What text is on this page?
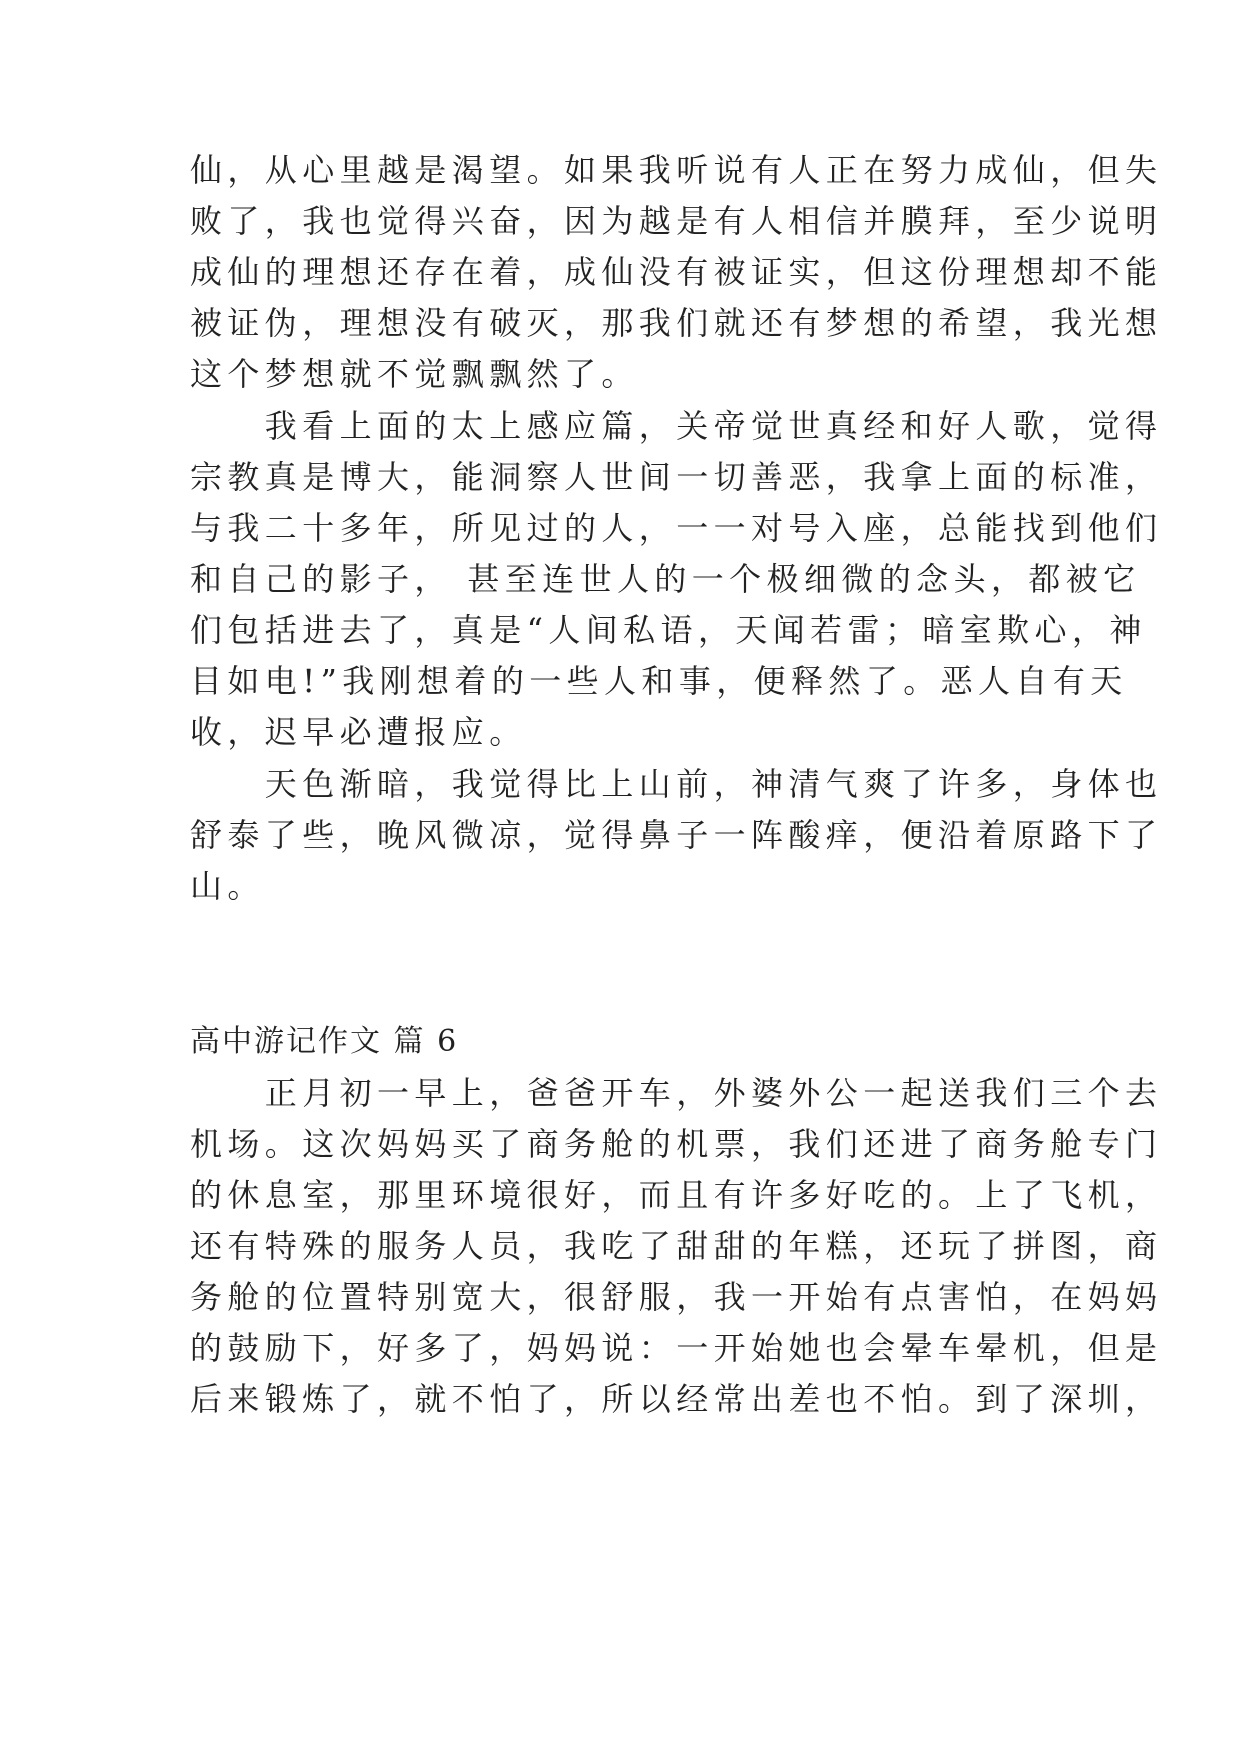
仙，从心里越是渴望。如果我听说有人正在努力成仙，但失
败了，我也觉得兴奋，因为越是有人相信并膜拜，至少说明
成仙的理想还存在着，成仙没有被证实，但这份理想却不能
被证伪，理想没有破灭，那我们就还有梦想的希望，我光想
这个梦想就不觉飘飘然了。
　　我看上面的太上感应篇，关帝觉世真经和好人歌，觉得
宗教真是博大，能洞察人世间一切善恶，我拿上面的标准，
与我二十多年，所见过的人，一一对号入座，总能找到他们
和自己的影子， 甚至连世人的一个极细微的念头，都被它
们包括进去了，真是“人间私语，天闻若雷；暗室欺心，神
目如电!”我刚想着的一些人和事，便释然了。恶人自有天
收，迟早必遭报应。
　　天色渐暗，我觉得比上山前，神清气爽了许多，身体也
舒泰了些，晚风微凉，觉得鼻子一阵酸痒，便沿着原路下了
山。
高中游记作文 篇 6
　　正月初一早上，爸爸开车，外婆外公一起送我们三个去
机场。这次妈妈买了商务舱的机票，我们还进了商务舱专门
的休息室，那里环境很好，而且有许多好吃的。上了飞机，
还有特殊的服务人员，我吃了甜甜的年糕，还玩了拼图，商
务舱的位置特别宽大，很舒服，我一开始有点害怕，在妈妈
的鼓励下，好多了，妈妈说：一开始她也会晕车晕机，但是
后来锻炼了，就不怕了，所以经常出差也不怕。到了深圳，
